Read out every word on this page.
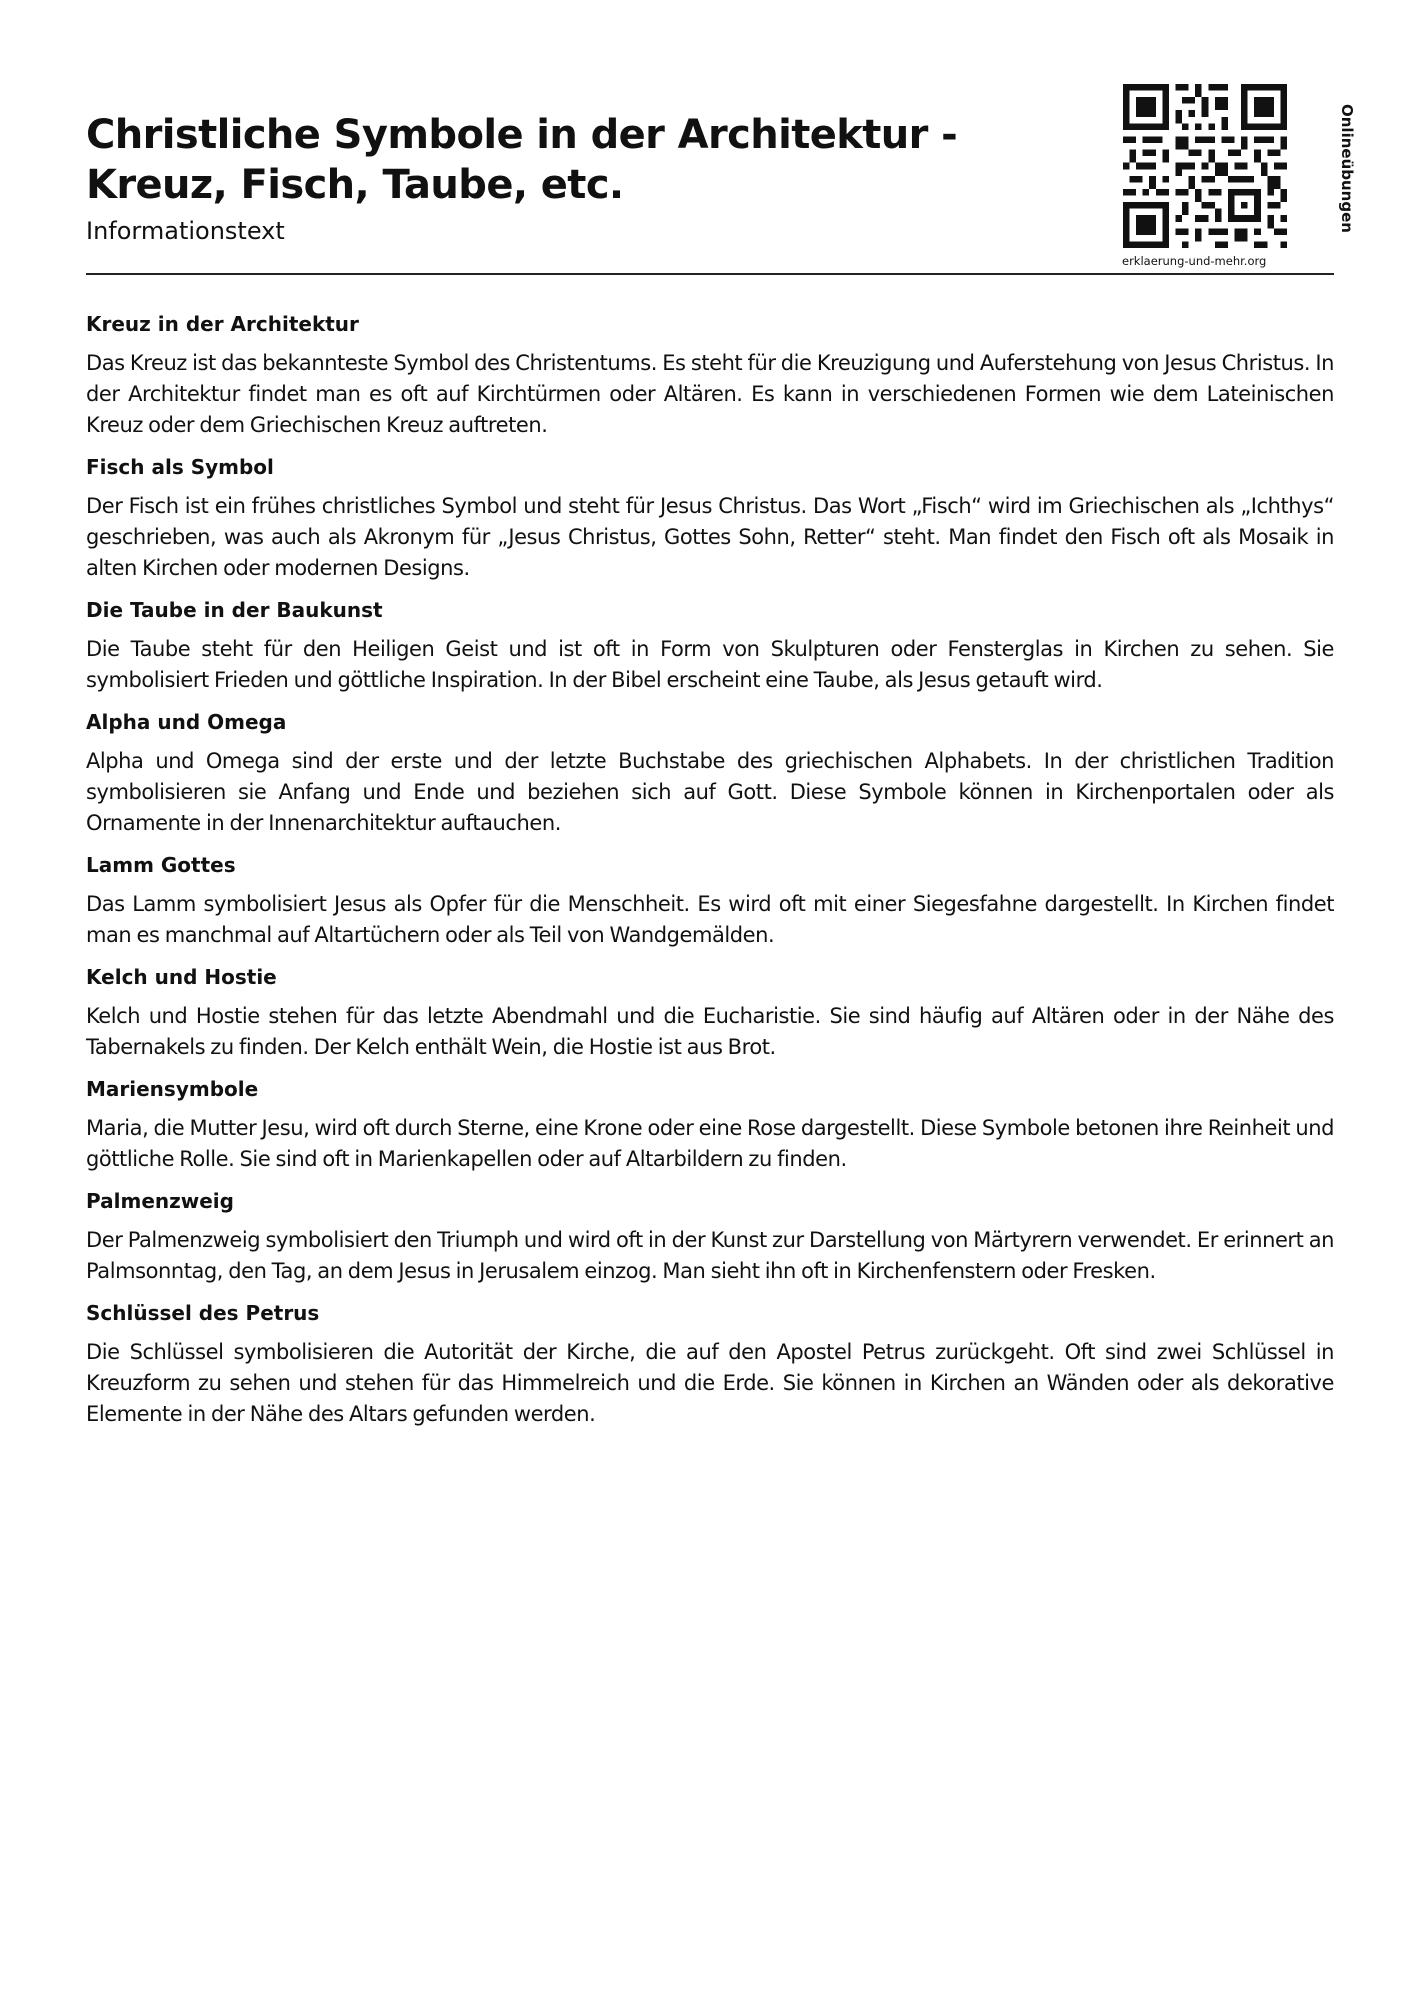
Christliche Symbole in der Architektur - Kreuz, Fisch, Taube, etc.

Informationstext	Onlineübungen
erklaerung-und-mehr.org
Kreuz in der Architektur

Das Kreuz ist das bekannteste Symbol des Christentums. Es steht für die Kreuzigung und Auferstehung von Jesus Christus. In der Architektur findet man es oft auf Kirchtürmen oder Altären. Es kann in verschiedenen Formen wie dem Lateinischen Kreuz oder dem Griechischen Kreuz auftreten.

Fisch als Symbol

Der Fisch ist ein frühes christliches Symbol und steht für Jesus Christus. Das Wort „Fisch“ wird im Griechischen als „Ichthys“ geschrieben, was auch als Akronym für „Jesus Christus, Gottes Sohn, Retter“ steht. Man findet den Fisch oft als Mosaik in alten Kirchen oder modernen Designs.

Die Taube in der Baukunst

Die Taube steht für den Heiligen Geist und ist oft in Form von Skulpturen oder Fensterglas in Kirchen zu sehen. Sie symbolisiert Frieden und göttliche Inspiration. In der Bibel erscheint eine Taube, als Jesus getauft wird.

Alpha und Omega

Alpha und Omega sind der erste und der letzte Buchstabe des griechischen Alphabets. In der christlichen Tradition symbolisieren sie Anfang und Ende und beziehen sich auf Gott. Diese Symbole können in Kirchenportalen oder als Ornamente in der Innenarchitektur auftauchen.

Lamm Gottes

Das Lamm symbolisiert Jesus als Opfer für die Menschheit. Es wird oft mit einer Siegesfahne dargestellt. In Kirchen findet man es manchmal auf Altartüchern oder als Teil von Wandgemälden.

Kelch und Hostie

Kelch und Hostie stehen für das letzte Abendmahl und die Eucharistie. Sie sind häufig auf Altären oder in der Nähe des Tabernakels zu finden. Der Kelch enthält Wein, die Hostie ist aus Brot.

Mariensymbole

Maria, die Mutter Jesu, wird oft durch Sterne, eine Krone oder eine Rose dargestellt. Diese Symbole betonen ihre Reinheit und göttliche Rolle. Sie sind oft in Marienkapellen oder auf Altarbildern zu finden.

Palmenzweig

Der Palmenzweig symbolisiert den Triumph und wird oft in der Kunst zur Darstellung von Märtyrern verwendet. Er erinnert an Palmsonntag, den Tag, an dem Jesus in Jerusalem einzog. Man sieht ihn oft in Kirchenfenstern oder Fresken.

Schlüssel des Petrus

Die Schlüssel symbolisieren die Autorität der Kirche, die auf den Apostel Petrus zurückgeht. Oft sind zwei Schlüssel in Kreuzform zu sehen und stehen für das Himmelreich und die Erde. Sie können in Kirchen an Wänden oder als dekorative Elemente in der Nähe des Altars gefunden werden.
